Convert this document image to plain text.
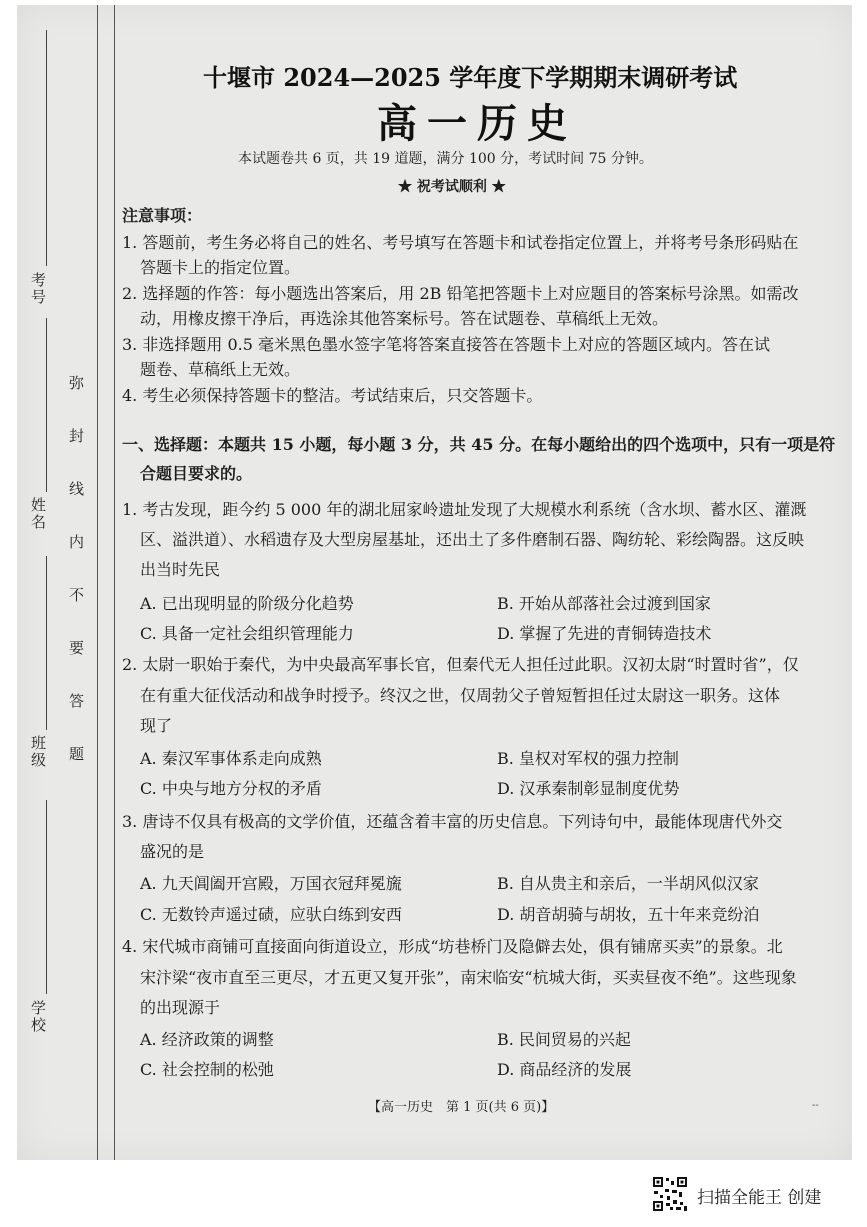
考号
姓名
班级
学校
弥封线内不要答题
十堰市 2024—2025 学年度下学期期末调研考试
高一历史
本试题卷共 6 页，共 19 道题，满分 100 分，考试时间 75 分钟。
★ 祝考试顺利 ★
注意事项：
1. 答题前，考生务必将自己的姓名、考号填写在答题卡和试卷指定位置上，并将考号条形码贴在
答题卡上的指定位置。
2. 选择题的作答：每小题选出答案后，用 2B 铅笔把答题卡上对应题目的答案标号涂黑。如需改
动，用橡皮擦干净后，再选涂其他答案标号。答在试题卷、草稿纸上无效。
3. 非选择题用 0.5 毫米黑色墨水签字笔将答案直接答在答题卡上对应的答题区域内。答在试
题卷、草稿纸上无效。
4. 考生必须保持答题卡的整洁。考试结束后，只交答题卡。
一、选择题：本题共 15 小题，每小题 3 分，共 45 分。在每小题给出的四个选项中，只有一项是符
合题目要求的。
1. 考古发现，距今约 5 000 年的湖北屈家岭遗址发现了大规模水利系统（含水坝、蓄水区、灌溉
区、溢洪道）、水稻遗存及大型房屋基址，还出土了多件磨制石器、陶纺轮、彩绘陶器。这反映
出当时先民
A. 已出现明显的阶级分化趋势	B. 开始从部落社会过渡到国家
C. 具备一定社会组织管理能力	D. 掌握了先进的青铜铸造技术
2. 太尉一职始于秦代，为中央最高军事长官，但秦代无人担任过此职。汉初太尉“时置时省”，仅
在有重大征伐活动和战争时授予。终汉之世，仅周勃父子曾短暂担任过太尉这一职务。这体
现了
A. 秦汉军事体系走向成熟	B. 皇权对军权的强力控制
C. 中央与地方分权的矛盾	D. 汉承秦制彰显制度优势
3. 唐诗不仅具有极高的文学价值，还蕴含着丰富的历史信息。下列诗句中，最能体现唐代外交
盛况的是
A. 九天阊阖开宫殿，万国衣冠拜冕旒	B. 自从贵主和亲后，一半胡风似汉家
C. 无数铃声遥过碛，应驮白练到安西	D. 胡音胡骑与胡妆，五十年来竞纷泊
4. 宋代城市商铺可直接面向街道设立，形成“坊巷桥门及隐僻去处，俱有铺席买卖”的景象。北
宋汴梁“夜市直至三更尽，才五更又复开张”，南宋临安“杭城大街，买卖昼夜不绝”。这些现象
的出现源于
A. 经济政策的调整	B. 民间贸易的兴起
C. 社会控制的松弛	D. 商品经济的发展
【高一历史　第 1 页(共 6 页)】	--
扫描全能王 创建
